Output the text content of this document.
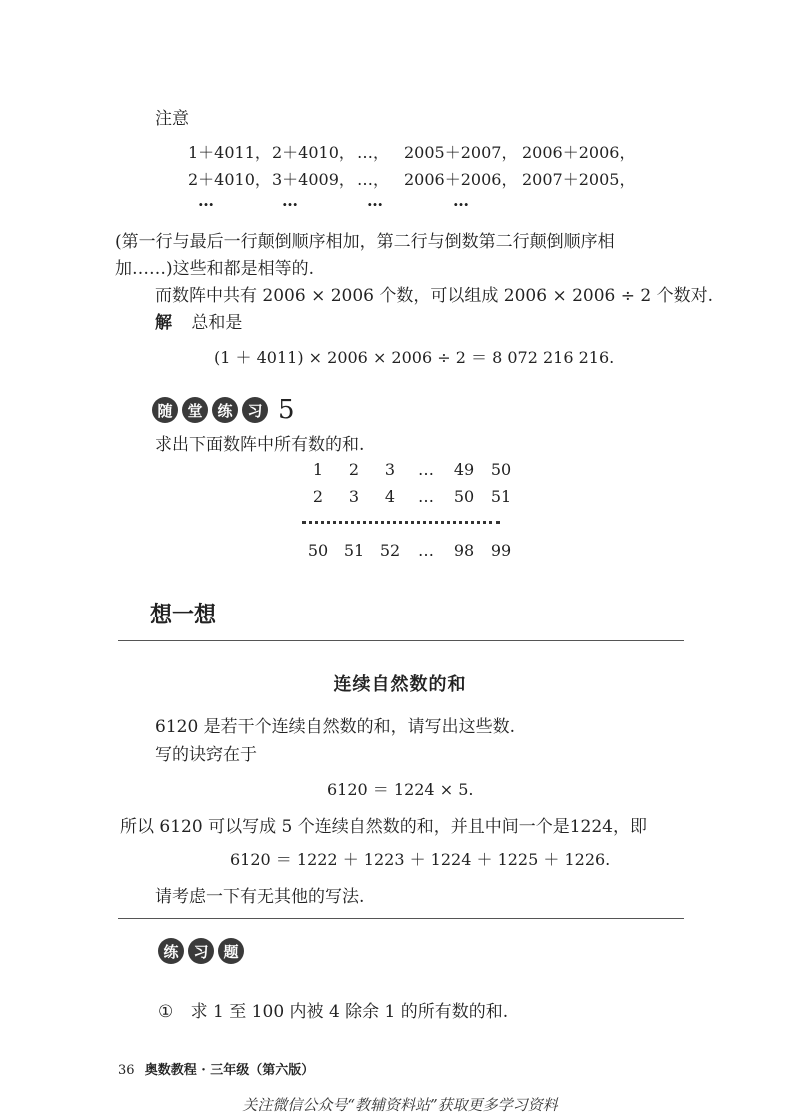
注意
1＋4011， 2＋4010， …， 2005＋2007， 2006＋2006，
2＋4010， 3＋4009， …， 2006＋2006， 2007＋2005，
…	…	…	…
(第一行与最后一行颠倒顺序相加，第二行与倒数第二行颠倒顺序相
加……)这些和都是相等的.
而数阵中共有 2006 × 2006 个数，可以组成 2006 × 2006 ÷ 2 个数对.
解 总和是
(1 ＋ 4011) × 2006 × 2006 ÷ 2 ＝ 8 072 216 216.
随 堂 练 习 5
求出下面数阵中所有数的和.
1	2	3	…	49	50
2	3	4	…	50	51
50 51 52	…	98	99
想一想
连续自然数的和
6120 是若干个连续自然数的和，请写出这些数.
写的诀窍在于
6120 ＝ 1224 × 5.
所以 6120 可以写成 5 个连续自然数的和，并且中间一个是1224，即
6120 ＝ 1222 ＋ 1223 ＋ 1224 ＋ 1225 ＋ 1226.
请考虑一下有无其他的写法.
练 习 题
① 求 1 至 100 内被 4 除余 1 的所有数的和.
36 奥数教程 · 三年级（第六版）
关注微信公众号“教辅资料站”获取更多学习资料
